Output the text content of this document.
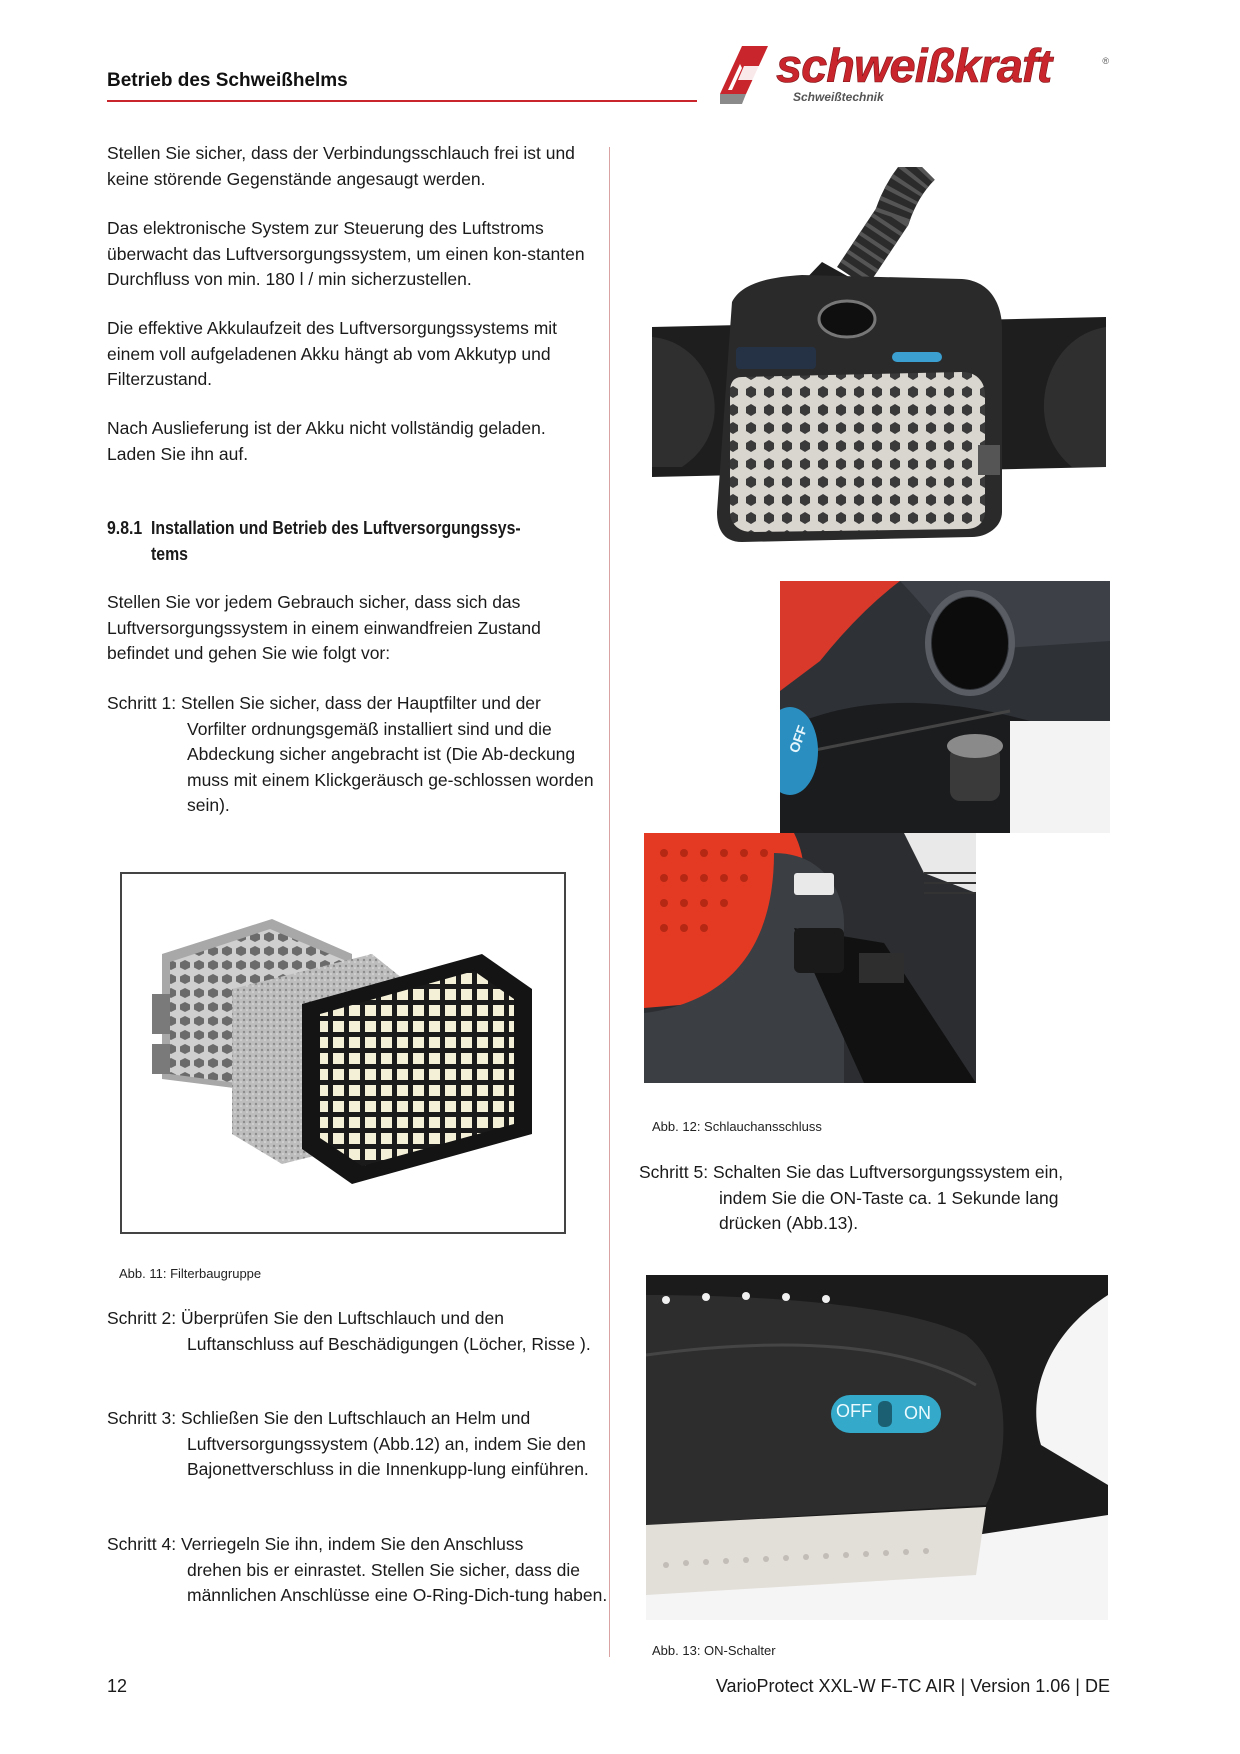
Betrieb des Schweißhelms	schweißkraft	®
Schweißtechnik
Stellen Sie sicher, dass der Verbindungsschlauch frei ist und keine störende Gegenstände angesaugt werden.
Das elektronische System zur Steuerung des Luftstroms überwacht das Luftversorgungssystem, um einen kon-stanten Durchfluss von min. 180 l / min sicherzustellen.
Die effektive Akkulaufzeit des Luftversorgungssystems mit einem voll aufgeladenen Akku hängt ab vom Akkutyp und Filterzustand.
Nach Auslieferung ist der Akku nicht vollständig geladen. Laden Sie ihn auf.
9.8.1 Installation und Betrieb des Luftversorgungssys-
tems
Stellen Sie vor jedem Gebrauch sicher, dass sich das Luftversorgungssystem in einem einwandfreien Zustand befindet und gehen Sie wie folgt vor:
Schritt 1: Stellen Sie sicher, dass der Hauptfilter und der
Vorfilter ordnungsgemäß installiert sind und die Abdeckung sicher angebracht ist (Die Ab-deckung muss mit einem Klickgeräusch ge-schlossen worden sein).
Abb. 11: Filterbaugruppe
Schritt 2: Überprüfen Sie den Luftschlauch und den
Luftanschluss auf Beschädigungen (Löcher, Risse ).
Schritt 3: Schließen Sie den Luftschlauch an Helm und
Luftversorgungssystem (Abb.12) an, indem Sie den Bajonettverschluss in die Innenkupp-lung einführen.
Schritt 4: Verriegeln Sie ihn, indem Sie den Anschluss
drehen bis er einrastet. Stellen Sie sicher, dass die männlichen Anschlüsse eine O-Ring-Dich-tung haben.
OFF
Abb. 12: Schlauchansschluss
Schritt 5: Schalten Sie das Luftversorgungssystem ein,
indem Sie die ON-Taste ca. 1 Sekunde lang drücken (Abb.13).
OFF ON
Abb. 13: ON-Schalter
12	VarioProtect XXL-W F-TC AIR | Version 1.06 | DE
